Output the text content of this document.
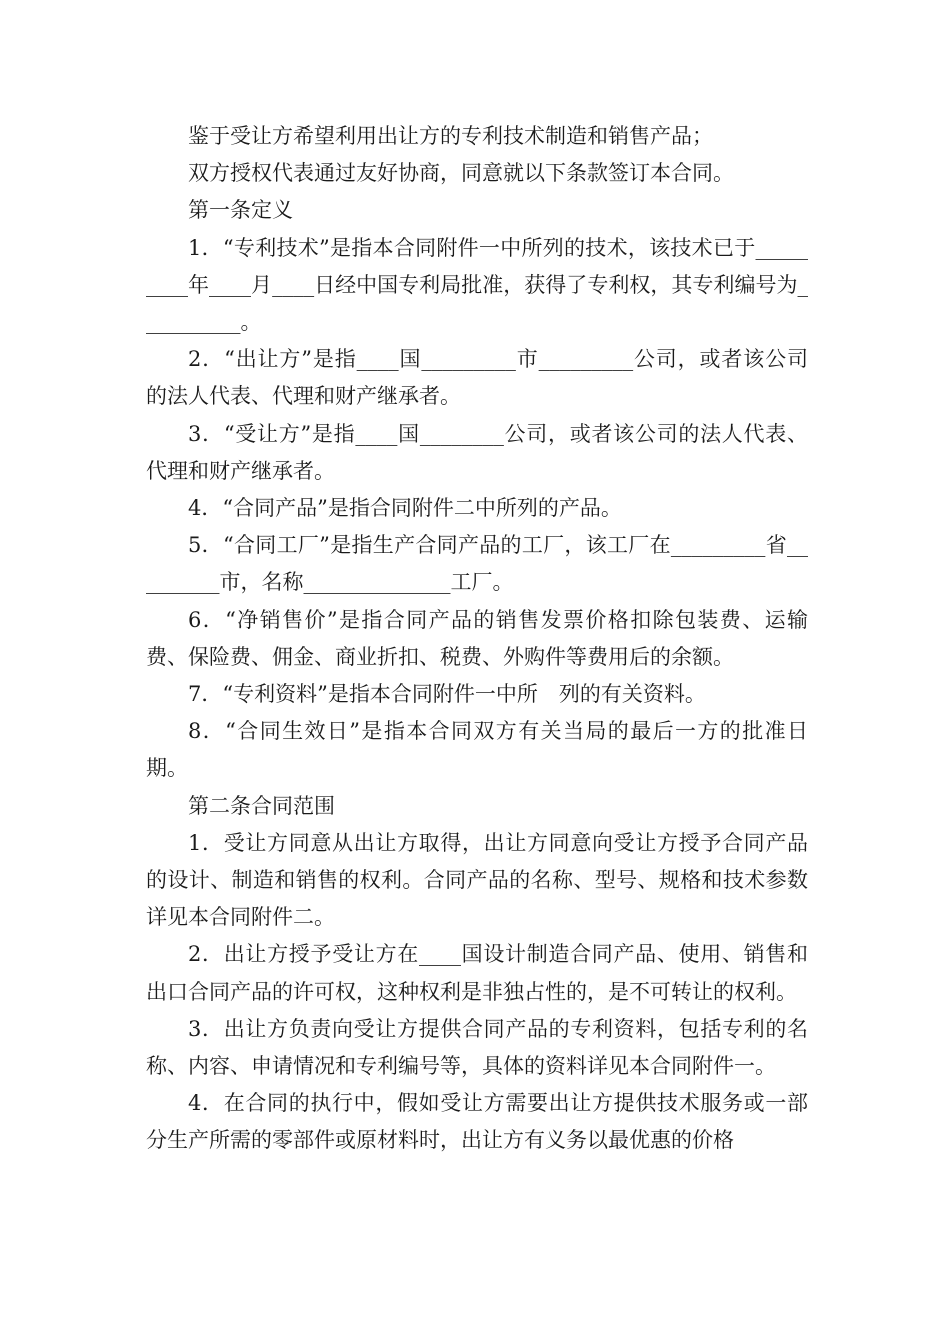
鉴于受让方希望利用出让方的专利技术制造和销售产品；

双方授权代表通过友好协商，同意就以下条款签订本合同。

第一条定义

1．“专利技术”是指本合同附件一中所列的技术，该技术已于_________年____月____日经中国专利局批准，获得了专利权，其专利编号为__________。

2．“出让方”是指____国_________市_________公司，或者该公司的法人代表、代理和财产继承者。

3．“受让方”是指____国________公司，或者该公司的法人代表、代理和财产继承者。

4．“合同产品”是指合同附件二中所列的产品。

5．“合同工厂”是指生产合同产品的工厂，该工厂在_________省_________市，名称______________工厂。

6．“净销售价”是指合同产品的销售发票价格扣除包装费、运输费、保险费、佣金、商业折扣、税费、外购件等费用后的余额。

7．“专利资料”是指本合同附件一中所　列的有关资料。

8．“合同生效日”是指本合同双方有关当局的最后一方的批准日期。

第二条合同范围

1．受让方同意从出让方取得，出让方同意向受让方授予合同产品的设计、制造和销售的权利。合同产品的名称、型号、规格和技术参数详见本合同附件二。

2．出让方授予受让方在____国设计制造合同产品、使用、销售和出口合同产品的许可权，这种权利是非独占性的，是不可转让的权利。

3．出让方负责向受让方提供合同产品的专利资料，包括专利的名称、内容、申请情况和专利编号等，具体的资料详见本合同附件一。

4．在合同的执行中，假如受让方需要出让方提供技术服务或一部分生产所需的零部件或原材料时，出让方有义务以最优惠的价格
